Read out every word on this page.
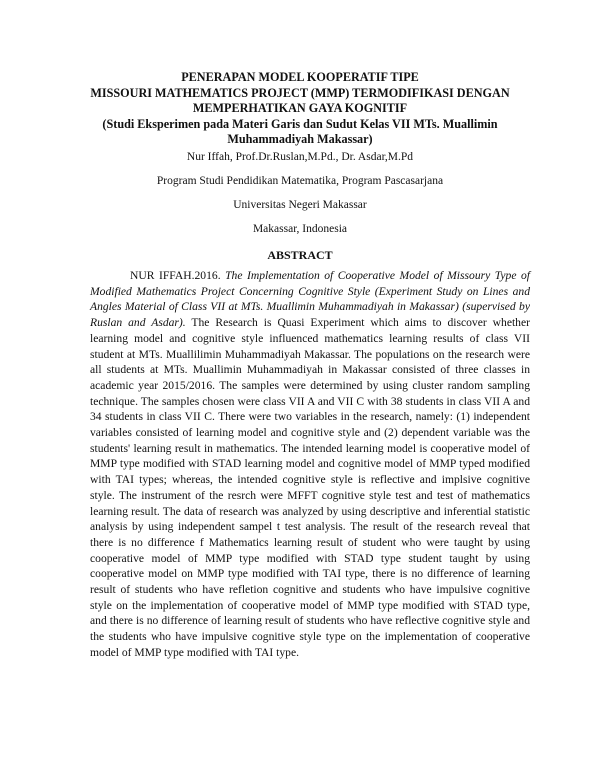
PENERAPAN MODEL KOOPERATIF TIPE
MISSOURI MATHEMATICS PROJECT (MMP) TERMODIFIKASI DENGAN
MEMPERHATIKAN GAYA KOGNITIF
(Studi Eksperimen pada Materi Garis dan Sudut Kelas VII MTs. Muallimin
Muhammadiyah Makassar)
Nur Iffah, Prof.Dr.Ruslan,M.Pd., Dr. Asdar,M.Pd
Program Studi Pendidikan Matematika, Program Pascasarjana
Universitas Negeri Makassar
Makassar, Indonesia
ABSTRACT

NUR IFFAH.2016. The Implementation of Cooperative Model of Missoury Type of Modified Mathematics Project Concerning Cognitive Style (Experiment Study on Lines and Angles Material of Class VII at MTs. Muallimin Muhammadiyah in Makassar) (supervised by Ruslan and Asdar). The Research is Quasi Experiment which aims to discover whether learning model and cognitive style influenced mathematics learning results of class VII student at MTs. Muallilimin Muhammadiyah Makassar. The populations on the research were all students at MTs. Muallimin Muhammadiyah in Makassar consisted of three classes in academic year 2015/2016. The samples were determined by using cluster random sampling technique. The samples chosen were class VII A and VII C with 38 students in class VII A and 34 students in class VII C. There were two variables in the research, namely: (1) independent variables consisted of learning model and cognitive style and (2) dependent variable was the students' learning result in mathematics. The intended learning model is cooperative model of MMP type modified with STAD learning model and cognitive model of MMP typed modified with TAI types; whereas, the intended cognitive style is reflective and implsive cognitive style. The instrument of the resrch were MFFT cognitive style test and test of mathematics learning result. The data of research was analyzed by using descriptive and inferential statistic analysis by using independent sampel t test analysis. The result of the research reveal that there is no difference f Mathematics learning result of student who were taught by using cooperative model of MMP type modified with STAD type student taught by using cooperative model on MMP type modified with TAI type, there is no difference of learning result of students who have refletion cognitive and students who have impulsive cognitive style on the implementation of cooperative model of MMP type modified with STAD type, and there is no difference of learning result of students who have reflective cognitive style and the students who have impulsive cognitive style type on the implementation of cooperative model of MMP type modified with TAI type.
